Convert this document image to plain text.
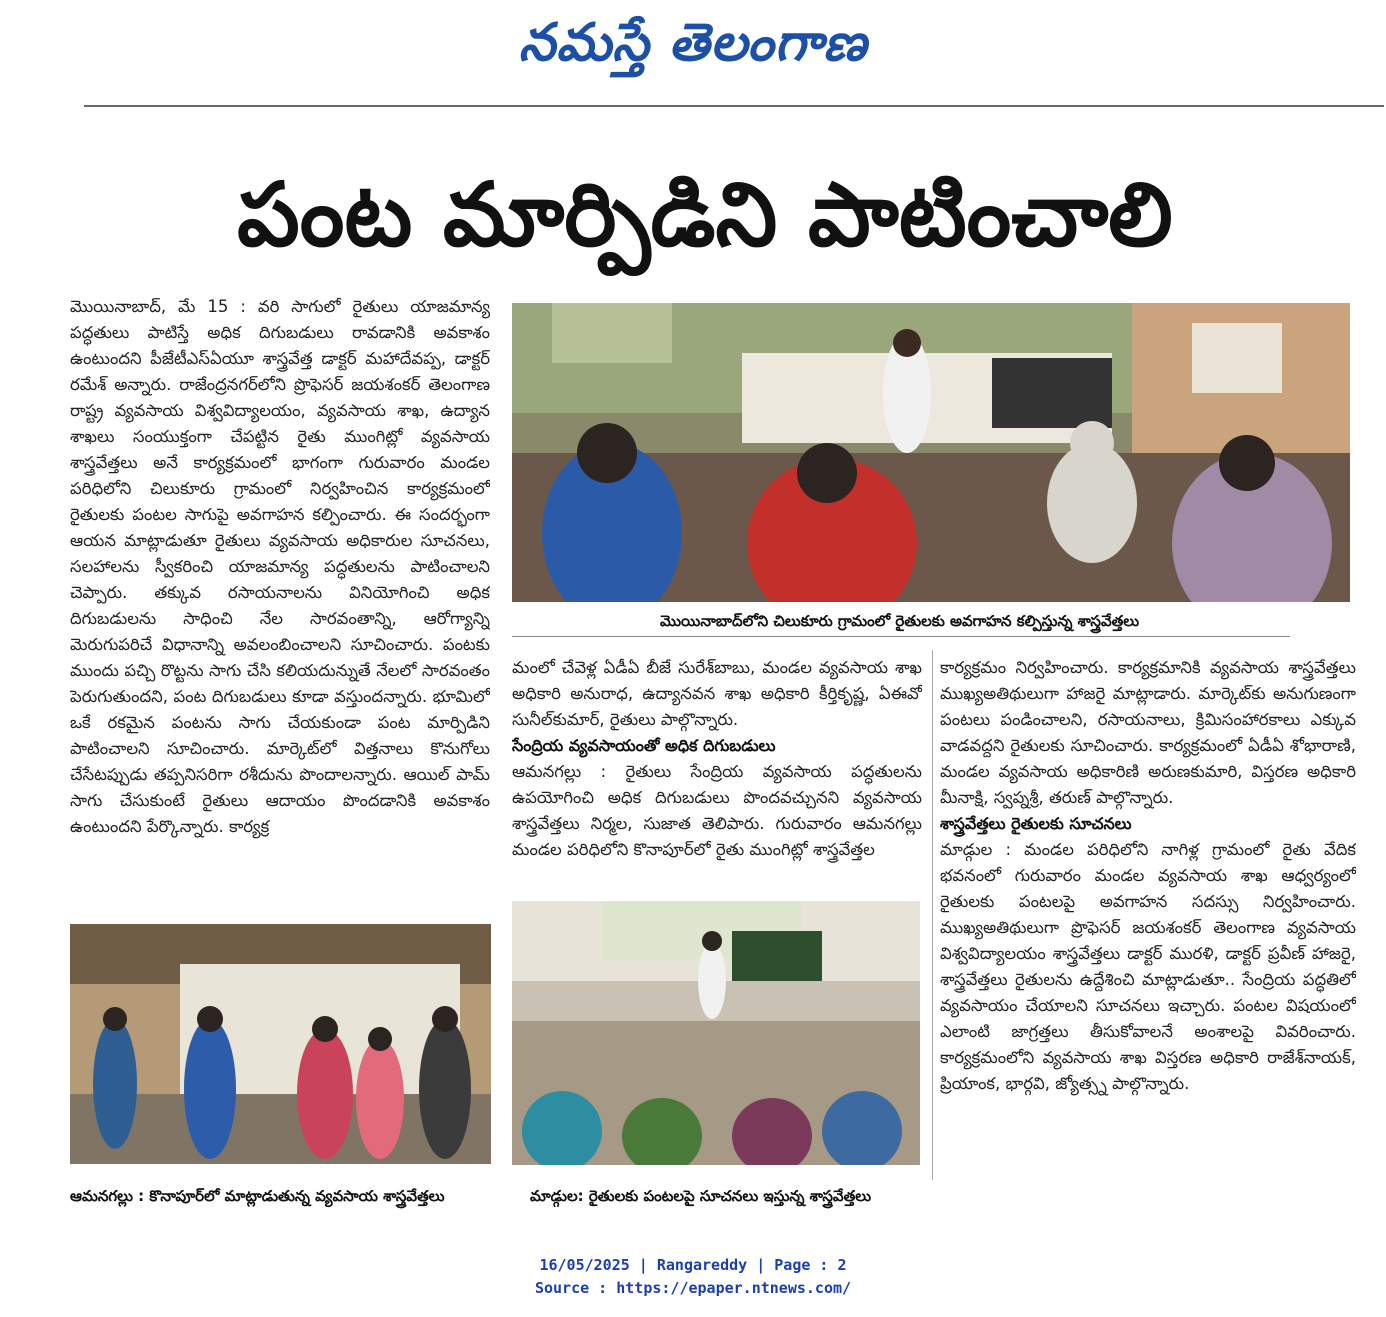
నమస్తే తెలంగాణ
పంట మార్పిడిని పాటించాలి

మొయినాబాద్, మే 15 : వరి సాగులో రైతులు యాజమాన్య పద్ధతులు పాటిస్తే అధిక దిగుబడులు రావడానికి అవకాశం ఉంటుందని పీజేటీఎస్ఏయూ శాస్త్రవేత్త డాక్టర్ మహాదేవప్ప, డాక్టర్ రమేశ్ అన్నారు. రాజేంద్రనగర్‌లోని ప్రొఫెసర్ జయశంకర్ తెలంగాణ రాష్ట్ర వ్యవసాయ విశ్వవిద్యాలయం, వ్యవసాయ శాఖ, ఉద్యాన శాఖలు సంయుక్తంగా చేపట్టిన రైతు ముంగిట్లో వ్యవసాయ శాస్త్రవేత్తలు అనే కార్యక్రమంలో భాగంగా గురువారం మండల పరిధిలోని చిలుకూరు గ్రామంలో నిర్వహించిన కార్యక్రమంలో రైతులకు పంటల సాగుపై అవగాహన కల్పించారు. ఈ సందర్భంగా ఆయన మాట్లాడుతూ రైతులు వ్యవసాయ అధికారుల సూచనలు, సలహాలను స్వీకరించి యాజమాన్య పద్ధతులను పాటించాలని చెప్పారు. తక్కువ రసాయనాలను వినియోగించి అధిక దిగుబడులను సాధించి నేల సారవంతాన్ని, ఆరోగ్యాన్ని మెరుగుపరిచే విధానాన్ని అవలంబించాలని సూచించారు. పంటకు ముందు పచ్చి రొట్టను సాగు చేసి కలియదున్నుతే నేలలో సారవంతం పెరుగుతుందని, పంట దిగుబడులు కూడా వస్తుందన్నారు. భూమిలో ఒకే రకమైన పంటను సాగు చేయకుండా పంట మార్పిడిని పాటించాలని సూచించారు. మార్కెట్‌లో విత్తనాలు కొనుగోలు చేసేటప్పుడు తప్పనిసరిగా రశీదును పొందాలన్నారు. ఆయిల్ పామ్ సాగు చేసుకుంటే రైతులు ఆదాయం పొందడానికి అవకాశం ఉంటుందని పేర్కొన్నారు. కార్యక్ర

మొయినాబాద్‌లోని చిలుకూరు గ్రామంలో రైతులకు అవగాహన కల్పిస్తున్న శాస్త్రవేత్తలు

మంలో చేవెళ్ల ఏడీఏ బీజే సురేశ్‌బాబు, మండల వ్యవసాయ శాఖ అధికారి అనురాధ, ఉద్యానవన శాఖ అధికారి కీర్తికృష్ణ, ఏఈవో సునీల్‌కుమార్, రైతులు పాల్గొన్నారు.

సేంద్రియ వ్యవసాయంతో అధిక దిగుబడులు

ఆమనగల్లు : రైతులు సేంద్రియ వ్యవసాయ పద్ధతులను ఉపయోగించి అధిక దిగుబడులు పొందవచ్చునని వ్యవసాయ శాస్త్రవేత్తలు నిర్మల, సుజాత తెలిపారు. గురువారం ఆమనగల్లు మండల పరిధిలోని కొనాపూర్‌లో రైతు ముంగిట్లో శాస్త్రవేత్తల

కార్యక్రమం నిర్వహించారు. కార్యక్రమానికి వ్యవసాయ శాస్త్రవేత్తలు ముఖ్యఅతిథులుగా హాజరై మాట్లాడారు. మార్కెట్‌కు అనుగుణంగా పంటలు పండించాలని, రసాయనాలు, క్రిమిసంహారకాలు ఎక్కువ వాడవద్దని రైతులకు సూచించారు. కార్యక్రమంలో ఏడీఏ శోభారాణి, మండల వ్యవసాయ అధికారిణి అరుణకుమారి, విస్తరణ అధికారి మీనాక్షి, స్వప్నశ్రీ, తరుణ్ పాల్గొన్నారు.

శాస్త్రవేత్తలు రైతులకు సూచనలు

మాడ్గుల : మండల పరిధిలోని నాగిళ్ల గ్రామంలో రైతు వేదిక భవనంలో గురువారం మండల వ్యవసాయ శాఖ ఆధ్వర్యంలో రైతులకు పంటలపై అవగాహన సదస్సు నిర్వహించారు. ముఖ్యఅతిథులుగా ప్రొఫెసర్ జయశంకర్ తెలంగాణ వ్యవసాయ విశ్వవిద్యాలయం శాస్త్రవేత్తలు డాక్టర్ మురళి, డాక్టర్ ప్రవీణ్ హాజరై, శాస్త్రవేత్తలు రైతులను ఉద్దేశించి మాట్లాడుతూ.. సేంద్రియ పద్ధతిలో వ్యవసాయం చేయాలని సూచనలు ఇచ్చారు. పంటల విషయంలో ఎలాంటి జాగ్రత్తలు తీసుకోవాలనే అంశాలపై వివరించారు. కార్యక్రమంలోని వ్యవసాయ శాఖ విస్తరణ అధికారి రాజేశ్‌నాయక్, ప్రియాంక, భార్గవి, జ్యోత్స్న పాల్గొన్నారు.

ఆమనగల్లు : కొనాపూర్‌లో మాట్లాడుతున్న వ్యవసాయ శాస్త్రవేత్తలు	మాడ్గుల: రైతులకు పంటలపై సూచనలు ఇస్తున్న శాస్త్రవేత్తలు
16/05/2025 | Rangareddy | Page : 2
Source : https://epaper.ntnews.com/
